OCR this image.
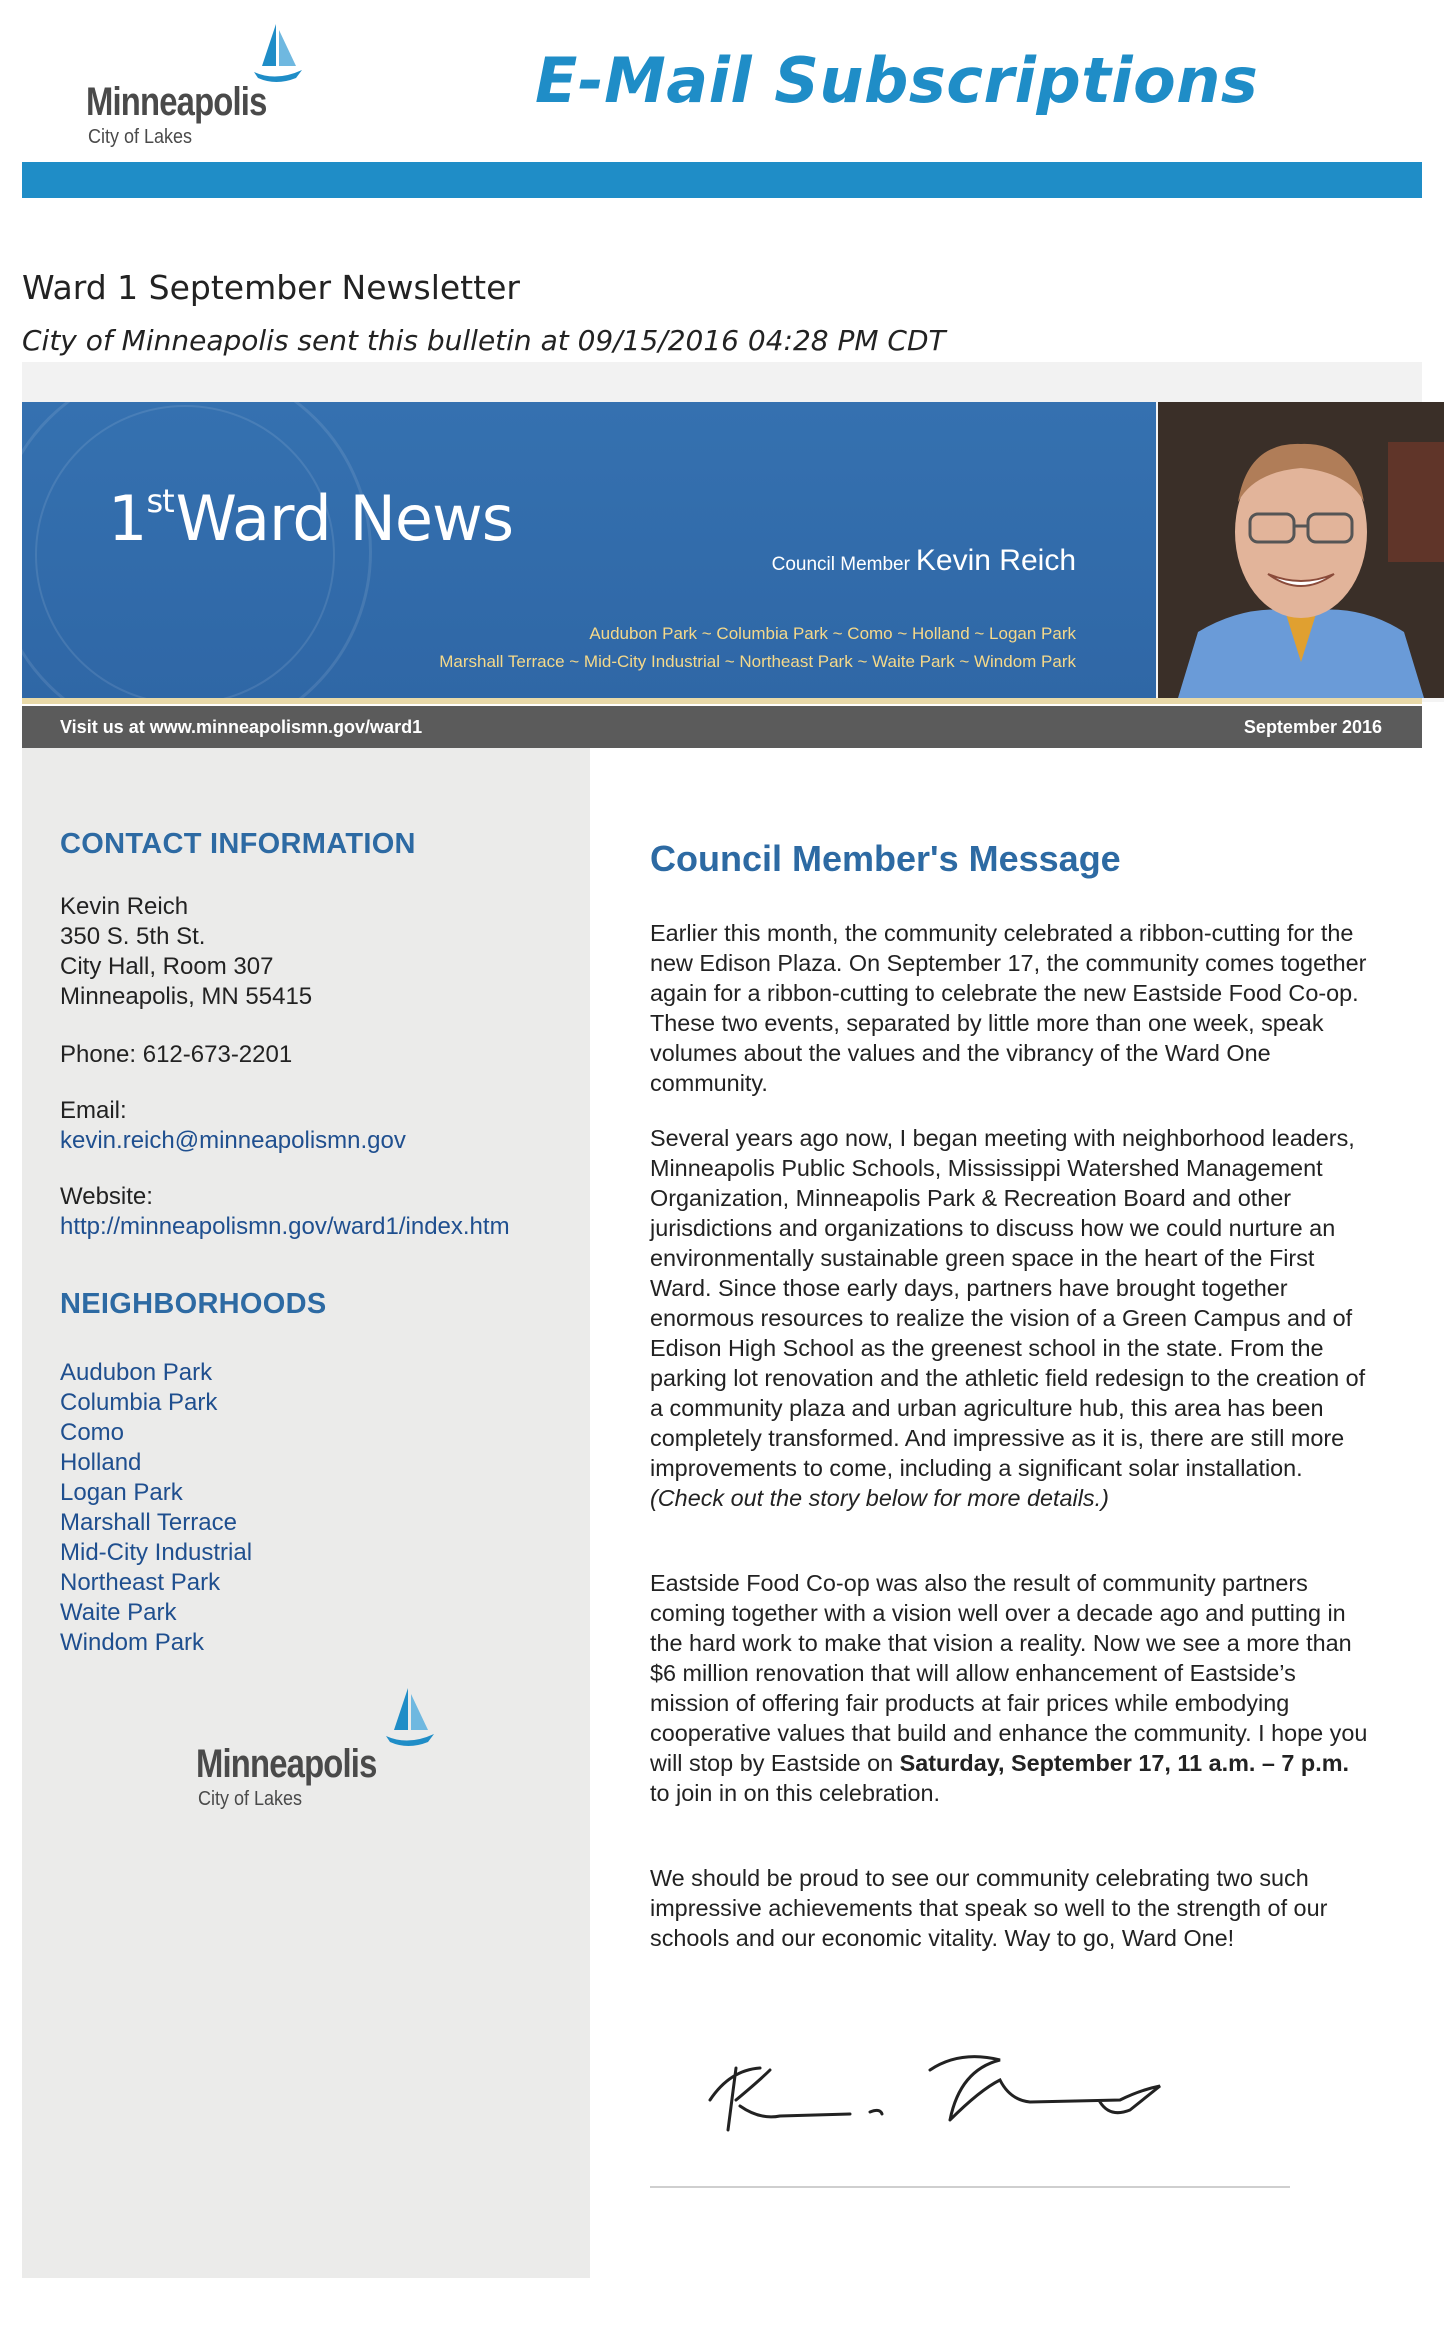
Minneapolis
City of Lakes
E-Mail Subscriptions
Ward 1 September Newsletter
City of Minneapolis sent this bulletin at 09/15/2016 04:28 PM CDT
1stWard News
Council Member Kevin Reich
Audubon Park ~ Columbia Park ~ Como ~ Holland ~ Logan Park
Marshall Terrace ~ Mid-City Industrial ~ Northeast Park ~ Waite Park ~ Windom Park
Visit us at www.minneapolismn.gov/ward1	September 2016
CONTACT INFORMATION
Kevin Reich
350 S. 5th St.
City Hall, Room 307
Minneapolis, MN 55415
Phone: 612-673-2201
Email:
kevin.reich@minneapolismn.gov
Website:
http://minneapolismn.gov/ward1/index.htm
NEIGHBORHOODS
Audubon Park
Columbia Park
Como
Holland
Logan Park
Marshall Terrace
Mid-City Industrial
Northeast Park
Waite Park
Windom Park
Minneapolis
City of Lakes
Council Member's Message

Earlier this month, the community celebrated a ribbon-cutting for the new Edison Plaza. On September 17, the community comes together again for a ribbon-cutting to celebrate the new Eastside Food Co-op. These two events, separated by little more than one week, speak volumes about the values and the vibrancy of the Ward One community.

Several years ago now, I began meeting with neighborhood leaders, Minneapolis Public Schools, Mississippi Watershed Management Organization, Minneapolis Park & Recreation Board and other jurisdictions and organizations to discuss how we could nurture an environmentally sustainable green space in the heart of the First Ward. Since those early days, partners have brought together enormous resources to realize the vision of a Green Campus and of Edison High School as the greenest school in the state. From the parking lot renovation and the athletic field redesign to the creation of a community plaza and urban agriculture hub, this area has been completely transformed. And impressive as it is, there are still more improvements to come, including a significant solar installation. (Check out the story below for more details.)

Eastside Food Co-op was also the result of community partners coming together with a vision well over a decade ago and putting in the hard work to make that vision a reality. Now we see a more than $6 million renovation that will allow enhancement of Eastside’s mission of offering fair products at fair prices while embodying cooperative values that build and enhance the community. I hope you will stop by Eastside on Saturday, September 17, 11 a.m. – 7 p.m. to join in on this celebration.

We should be proud to see our community celebrating two such impressive achievements that speak so well to the strength of our schools and our economic vitality. Way to go, Ward One!
